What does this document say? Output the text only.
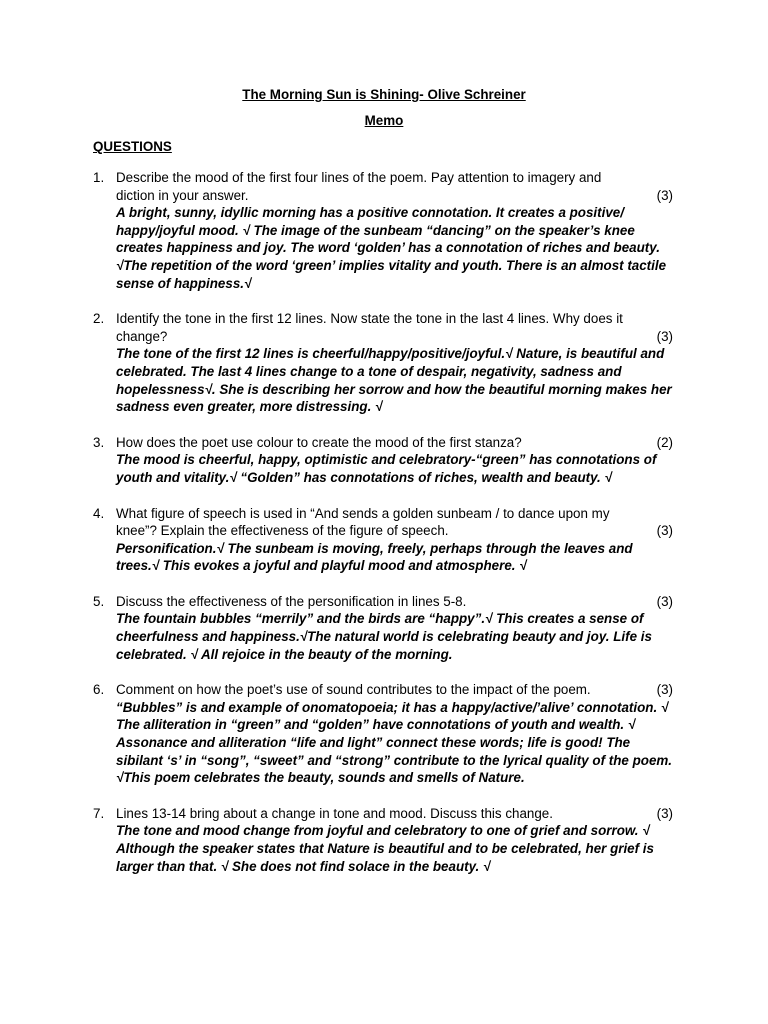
The Morning Sun is Shining- Olive Schreiner
Memo
QUESTIONS
1. Describe the mood of the first four lines of the poem. Pay attention to imagery and diction in your answer.	(3)
A bright, sunny, idyllic morning has a positive connotation. It creates a positive/ happy/joyful mood. √ The image of the sunbeam “dancing” on the speaker’s knee creates happiness and joy. The word ‘golden’ has a connotation of riches and beauty. √The repetition of the word ‘green’ implies vitality and youth. There is an almost tactile sense of happiness.√
2. Identify the tone in the first 12 lines. Now state the tone in the last 4 lines. Why does it change?	(3)
The tone of the first 12 lines is cheerful/happy/positive/joyful.√ Nature, is beautiful and celebrated. The last 4 lines change to a tone of despair, negativity, sadness and hopelessness√. She is describing her sorrow and how the beautiful morning makes her sadness even greater, more distressing. √
3. How does the poet use colour to create the mood of the first stanza?	(2)
The mood is cheerful, happy, optimistic and celebratory-“green” has connotations of youth and vitality.√ “Golden” has connotations of riches, wealth and beauty. √
4. What figure of speech is used in “And sends a golden sunbeam / to dance upon my knee”? Explain the effectiveness of the figure of speech.	(3)
Personification.√ The sunbeam is moving, freely, perhaps through the leaves and trees.√ This evokes a joyful and playful mood and atmosphere. √
5. Discuss the effectiveness of the personification in lines 5-8.	(3)
The fountain bubbles “merrily” and the birds are “happy”.√ This creates a sense of cheerfulness and happiness.√The natural world is celebrating beauty and joy. Life is celebrated. √ All rejoice in the beauty of the morning.
6. Comment on how the poet’s use of sound contributes to the impact of the poem.	(3)
“Bubbles” is and example of onomatopoeia; it has a happy/active/’alive’ connotation. √ The alliteration in “green” and “golden” have connotations of youth and wealth. √ Assonance and alliteration “life and light” connect these words; life is good! The sibilant ‘s’ in “song”, “sweet” and “strong” contribute to the lyrical quality of the poem. √This poem celebrates the beauty, sounds and smells of Nature.
7. Lines 13-14 bring about a change in tone and mood. Discuss this change.	(3)
The tone and mood change from joyful and celebratory to one of grief and sorrow. √ Although the speaker states that Nature is beautiful and to be celebrated, her grief is larger than that. √ She does not find solace in the beauty. √
